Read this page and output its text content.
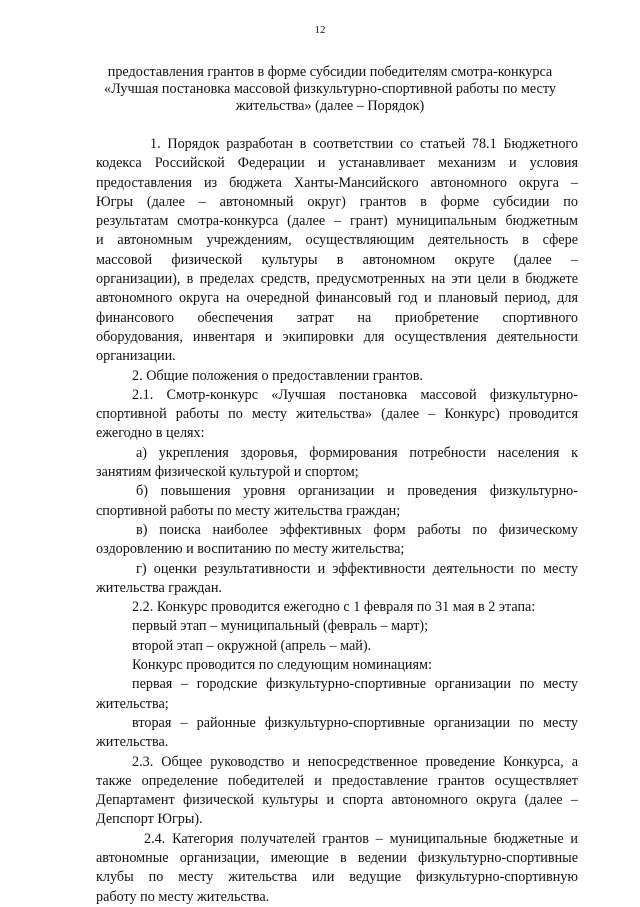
12
предоставления грантов в форме субсидии победителям смотра-конкурса
«Лучшая постановка массовой физкультурно-спортивной работы по месту
жительства» (далее – Порядок)
1. Порядок разработан в соответствии со статьей 78.1 Бюджетного
кодекса Российской Федерации и устанавливает механизм и условия
предоставления из бюджета Ханты-Мансийского автономного округа –
Югры (далее – автономный округ) грантов в форме субсидии по
результатам смотра-конкурса (далее – грант) муниципальным бюджетным
и автономным учреждениям, осуществляющим деятельность в сфере
массовой физической культуры в автономном округе (далее –
организации), в пределах средств, предусмотренных на эти цели в бюджете
автономного округа на очередной финансовый год и плановый период, для
финансового обеспечения затрат на приобретение спортивного
оборудования, инвентаря и экипировки для осуществления деятельности
организации.
2. Общие положения о предоставлении грантов.
2.1. Смотр-конкурс «Лучшая постановка массовой физкультурно-
спортивной работы по месту жительства» (далее – Конкурс) проводится
ежегодно в целях:
а) укрепления здоровья, формирования потребности населения к
занятиям физической культурой и спортом;
б) повышения уровня организации и проведения физкультурно-
спортивной работы по месту жительства граждан;
в) поиска наиболее эффективных форм работы по физическому
оздоровлению и воспитанию по месту жительства;
г) оценки результативности и эффективности деятельности по месту
жительства граждан.
2.2. Конкурс проводится ежегодно с 1 февраля по 31 мая в 2 этапа:
первый этап – муниципальный (февраль – март);
второй этап – окружной (апрель – май).
Конкурс проводится по следующим номинациям:
первая – городские физкультурно-спортивные организации по месту
жительства;
вторая – районные физкультурно-спортивные организации по месту
жительства.
2.3. Общее руководство и непосредственное проведение Конкурса, а
также определение победителей и предоставление грантов осуществляет
Департамент физической культуры и спорта автономного округа (далее –
Депспорт Югры).
2.4. Категория получателей грантов – муниципальные бюджетные и
автономные организации, имеющие в ведении физкультурно-спортивные
клубы по месту жительства или ведущие физкультурно-спортивную
работу по месту жительства.
